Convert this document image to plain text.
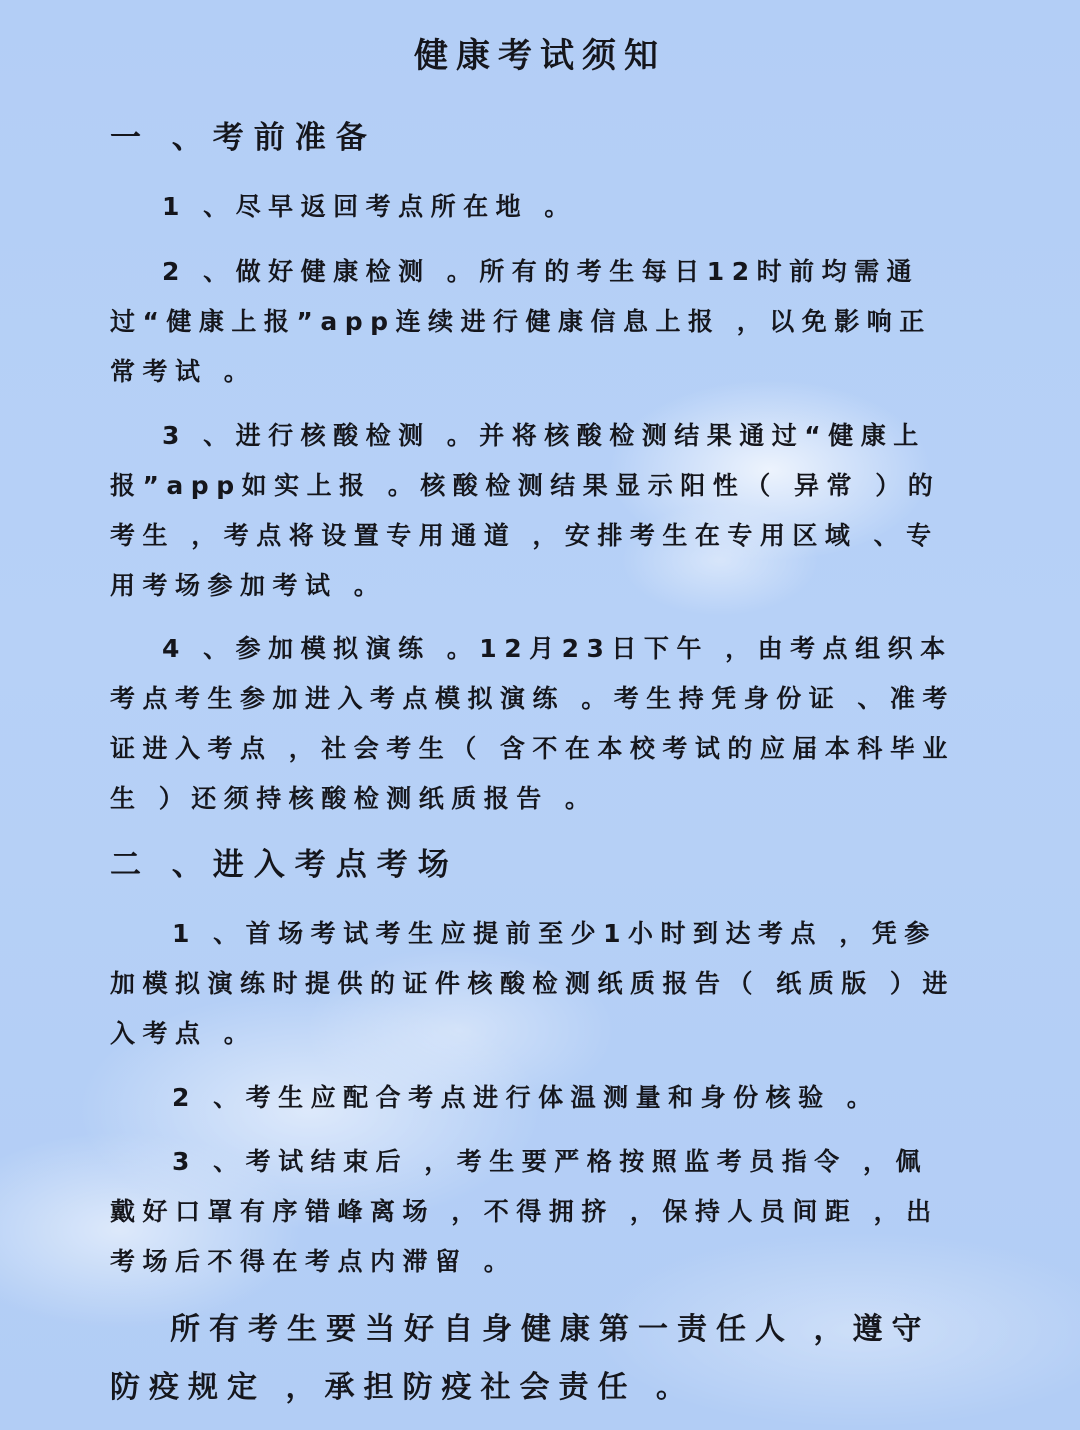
健康考试须知
一 、考前准备

1 、尽早返回考点所在地 。

2 、做好健康检测 。所有的考生每日12时前均需通过“健康上报”app连续进行健康信息上报 ，以免影响正常考试 。

3 、进行核酸检测 。并将核酸检测结果通过“健康上报”app如实上报 。核酸检测结果显示阳性（ 异常 ）的考生 ，考点将设置专用通道 ，安排考生在专用区域 、专用考场参加考试 。

4 、参加模拟演练 。12月23日下午 ，由考点组织本考点考生参加进入考点模拟演练 。考生持凭身份证 、准考证进入考点 ，社会考生（ 含不在本校考试的应届本科毕业生 ）还须持核酸检测纸质报告 。

二 、进入考点考场

1 、首场考试考生应提前至少1小时到达考点 ，凭参加模拟演练时提供的证件核酸检测纸质报告（ 纸质版 ）进入考点 。

2 、考生应配合考点进行体温测量和身份核验 。

3 、考试结束后 ，考生要严格按照监考员指令 ，佩戴好口罩有序错峰离场 ，不得拥挤 ，保持人员间距 ，出考场后不得在考点内滞留 。

所有考生要当好自身健康第一责任人 ，遵守防疫规定 ，承担防疫社会责任 。
